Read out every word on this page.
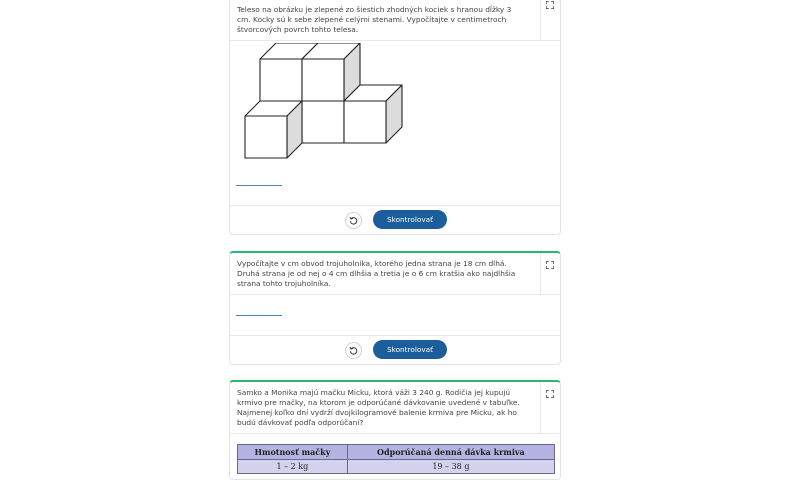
Teleso na obrázku je zlepené zo šiestich zhodných kociek s hranou dĺžky 3 cm. Kocky sú k sebe zlepené celými stenami. Vypočítajte v centimetroch štvorcových povrch tohto telesa.

Skontrolovať

Vypočítajte v cm obvod trojuholníka, ktorého jedna strana je 18 cm dlhá. Druhá strana je od nej o 4 cm dlhšia a tretia je o 6 cm kratšia ako najdlhšia strana tohto trojuholníka.

Skontrolovať

Samko a Monika majú mačku Micku, ktorá váži 3 240 g. Rodičia jej kupujú krmivo pre mačky, na ktorom je odporúčané dávkovanie uvedené v tabuľke. Najmenej koľko dní vydrží dvojkilogramové balenie krmiva pre Micku, ak ho budú dávkovať podľa odporúčaní?

Hmotnosť mačky	Odporúčaná denná dávka krmiva
1 – 2 kg	19 – 38 g
